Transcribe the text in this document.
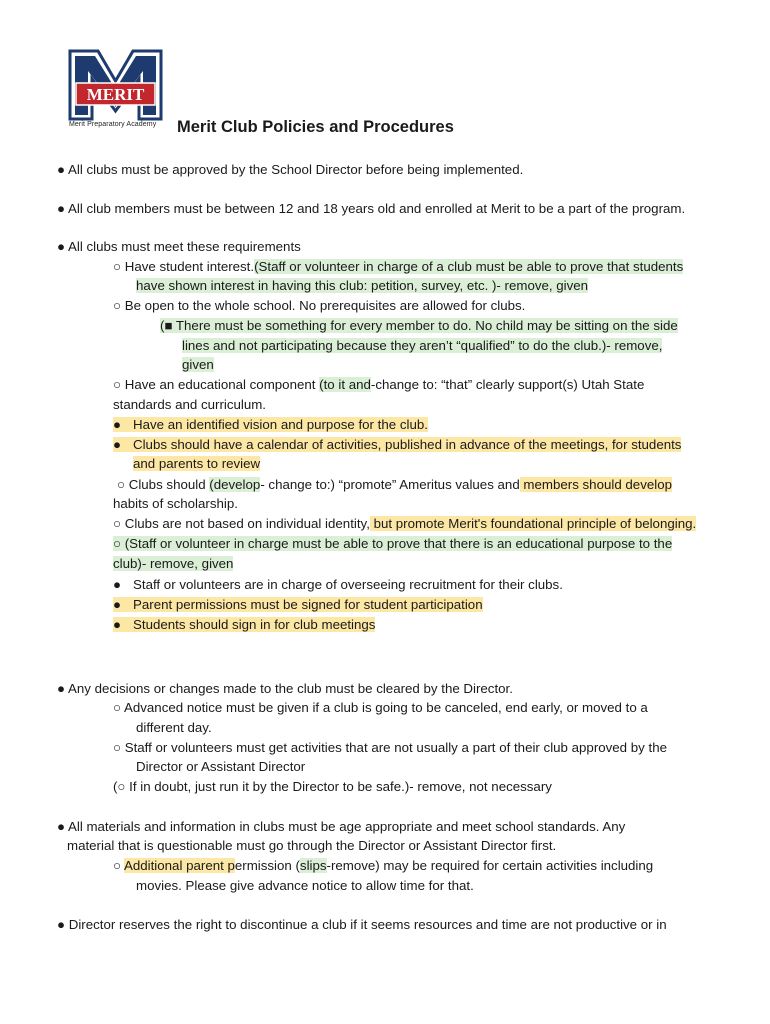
MERIT
Merit Preparatory Academy Merit Club Policies and Procedures
● All clubs must be approved by the School Director before being implemented.
● All club members must be between 12 and 18 years old and enrolled at Merit to be a part of the program.
● All clubs must meet these requirements
○ Have student interest.(Staff or volunteer in charge of a club must be able to prove that students
have shown interest in having this club: petition, survey, etc. )- remove, given
○ Be open to the whole school. No prerequisites are allowed for clubs.
(■ There must be something for every member to do. No child may be sitting on the side
lines and not participating because they aren’t “qualified” to do the club.)- remove,
given
○ Have an educational component (to it and-change to: “that” clearly support(s) Utah State
standards and curriculum.
● Have an identified vision and purpose for the club.
● Clubs should have a calendar of activities, published in advance of the meetings, for students
and parents to review
○ Clubs should (develop- change to:) “promote” Ameritus values and members should develop
habits of scholarship.
○ Clubs are not based on individual identity, but promote Merit's foundational principle of belonging.
○ (Staff or volunteer in charge must be able to prove that there is an educational purpose to the
club)- remove, given
● Staff or volunteers are in charge of overseeing recruitment for their clubs.
● Parent permissions must be signed for student participation
● Students should sign in for club meetings
● Any decisions or changes made to the club must be cleared by the Director.
○ Advanced notice must be given if a club is going to be canceled, end early, or moved to a
different day.
○ Staff or volunteers must get activities that are not usually a part of their club approved by the
Director or Assistant Director
(○ If in doubt, just run it by the Director to be safe.)- remove, not necessary
● All materials and information in clubs must be age appropriate and meet school standards. Any
material that is questionable must go through the Director or Assistant Director first.
○ Additional parent permission (slips-remove) may be required for certain activities including
movies. Please give advance notice to allow time for that.
● Director reserves the right to discontinue a club if it seems resources and time are not productive or in
